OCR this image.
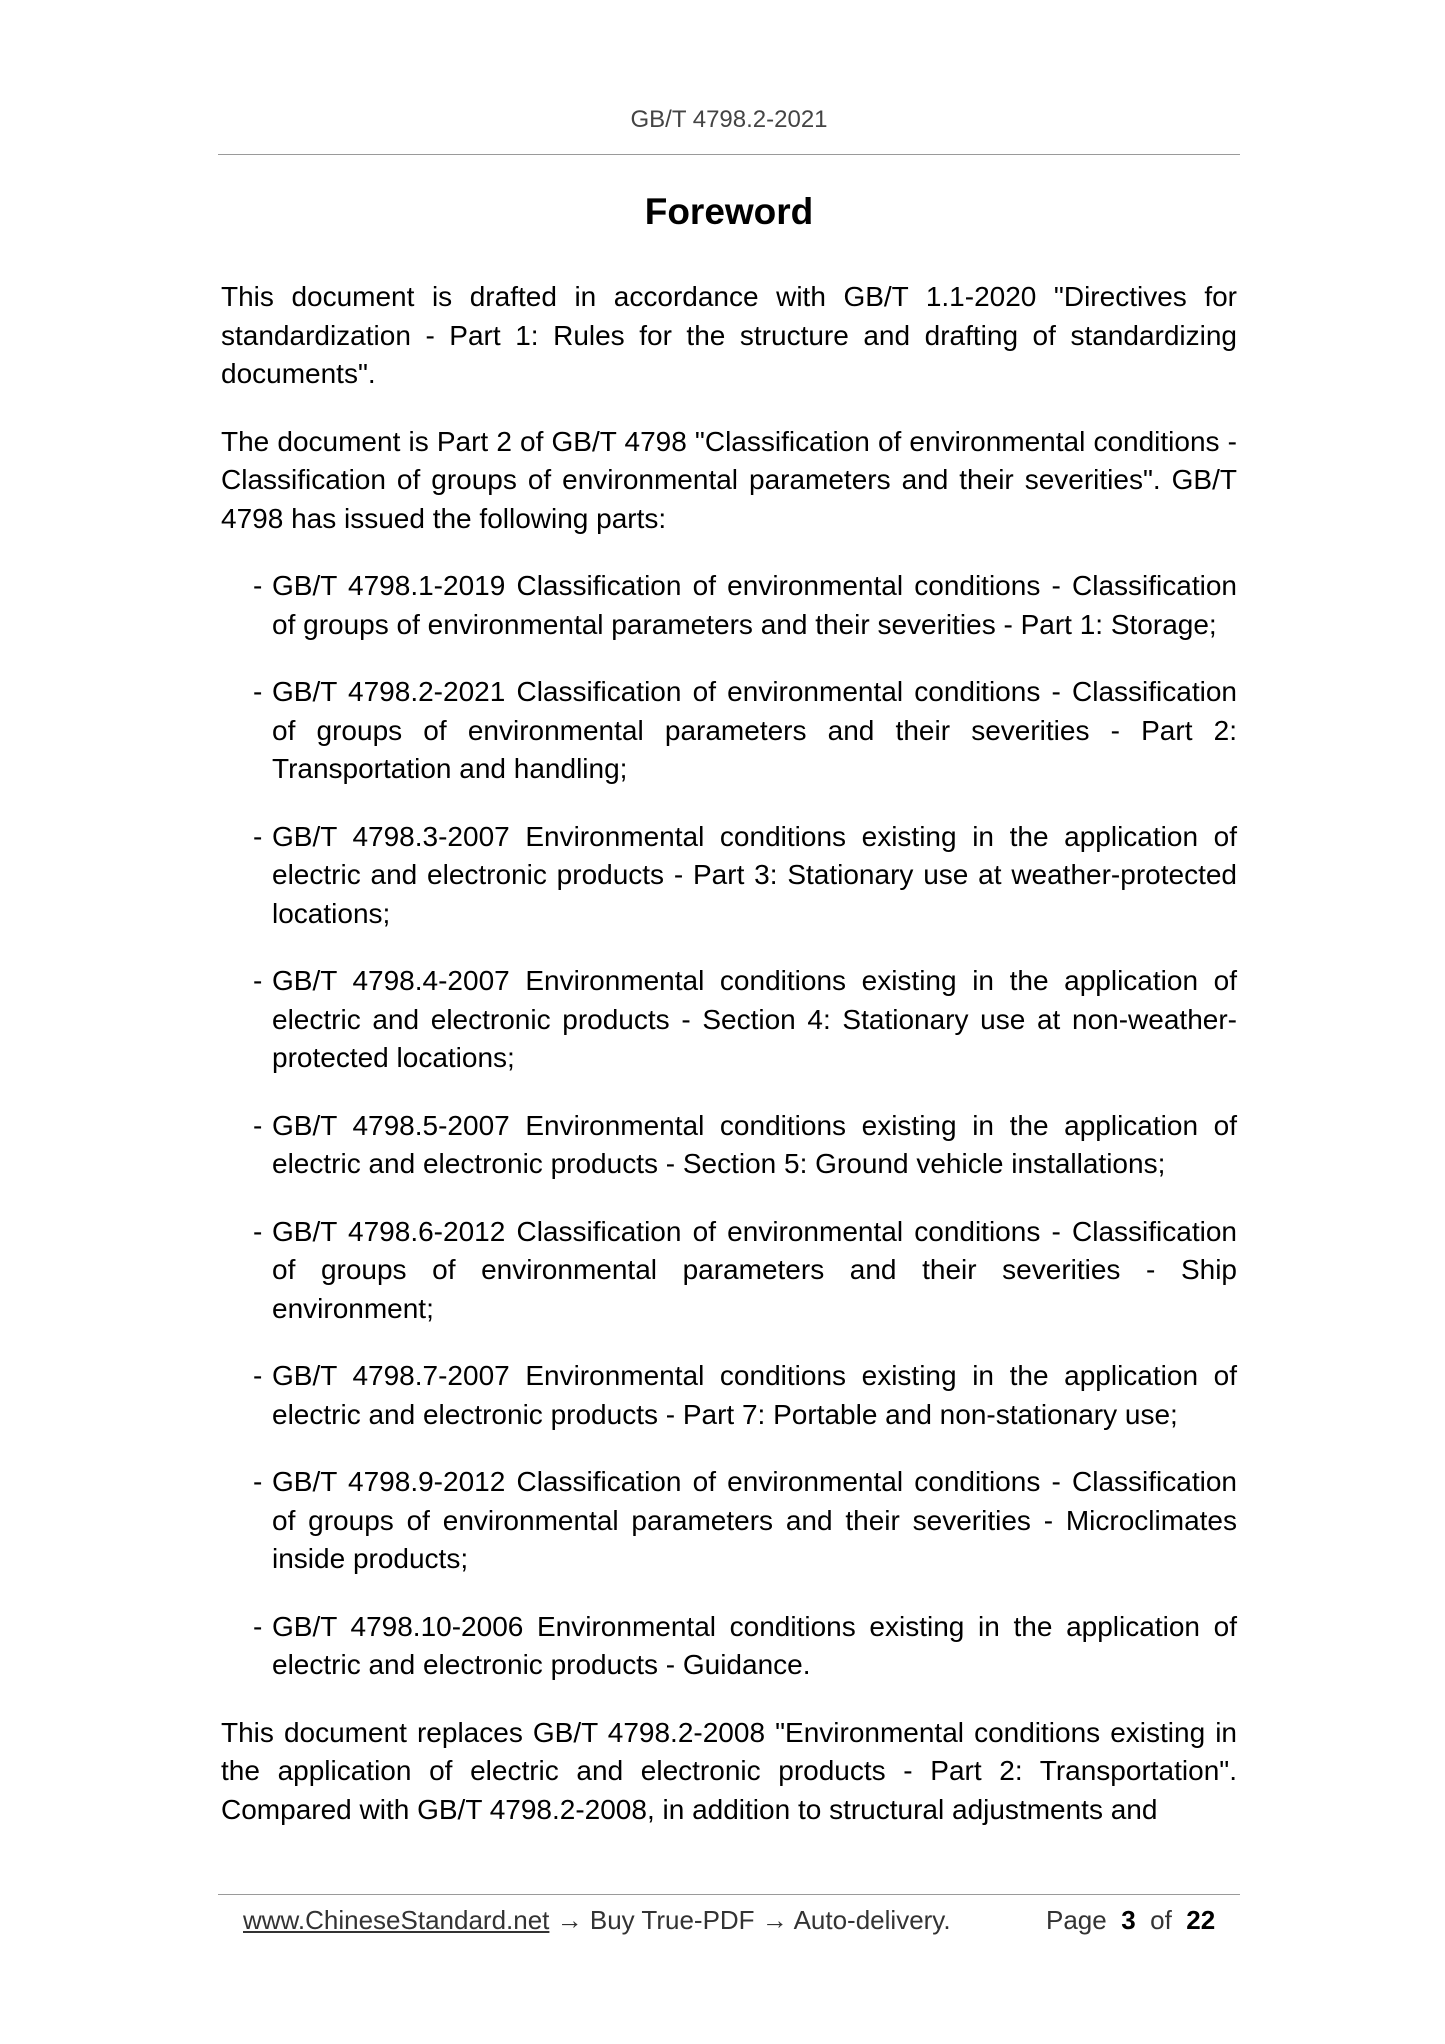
GB/T 4798.2-2021
Foreword

This document is drafted in accordance with GB/T 1.1-2020 "Directives for standardization - Part 1: Rules for the structure and drafting of standardizing documents".

The document is Part 2 of GB/T 4798 "Classification of environmental conditions - Classification of groups of environmental parameters and their severities". GB/T 4798 has issued the following parts:

- GB/T 4798.1-2019 Classification of environmental conditions - Classification of groups of environmental parameters and their severities - Part 1: Storage;
- GB/T 4798.2-2021 Classification of environmental conditions - Classification of groups of environmental parameters and their severities - Part 2: Transportation and handling;
- GB/T 4798.3-2007 Environmental conditions existing in the application of electric and electronic products - Part 3: Stationary use at weather-protected locations;
- GB/T 4798.4-2007 Environmental conditions existing in the application of electric and electronic products - Section 4: Stationary use at non-weather-protected locations;
- GB/T 4798.5-2007 Environmental conditions existing in the application of electric and electronic products - Section 5: Ground vehicle installations;
- GB/T 4798.6-2012 Classification of environmental conditions - Classification of groups of environmental parameters and their severities - Ship environment;
- GB/T 4798.7-2007 Environmental conditions existing in the application of electric and electronic products - Part 7: Portable and non-stationary use;
- GB/T 4798.9-2012 Classification of environmental conditions - Classification of groups of environmental parameters and their severities - Microclimates inside products;
- GB/T 4798.10-2006 Environmental conditions existing in the application of electric and electronic products - Guidance.

This document replaces GB/T 4798.2-2008 "Environmental conditions existing in the application of electric and electronic products - Part 2: Transportation". Compared with GB/T 4798.2-2008, in addition to structural adjustments and

www.ChineseStandard.net → Buy True-PDF → Auto-delivery.	Page 3 of 22
